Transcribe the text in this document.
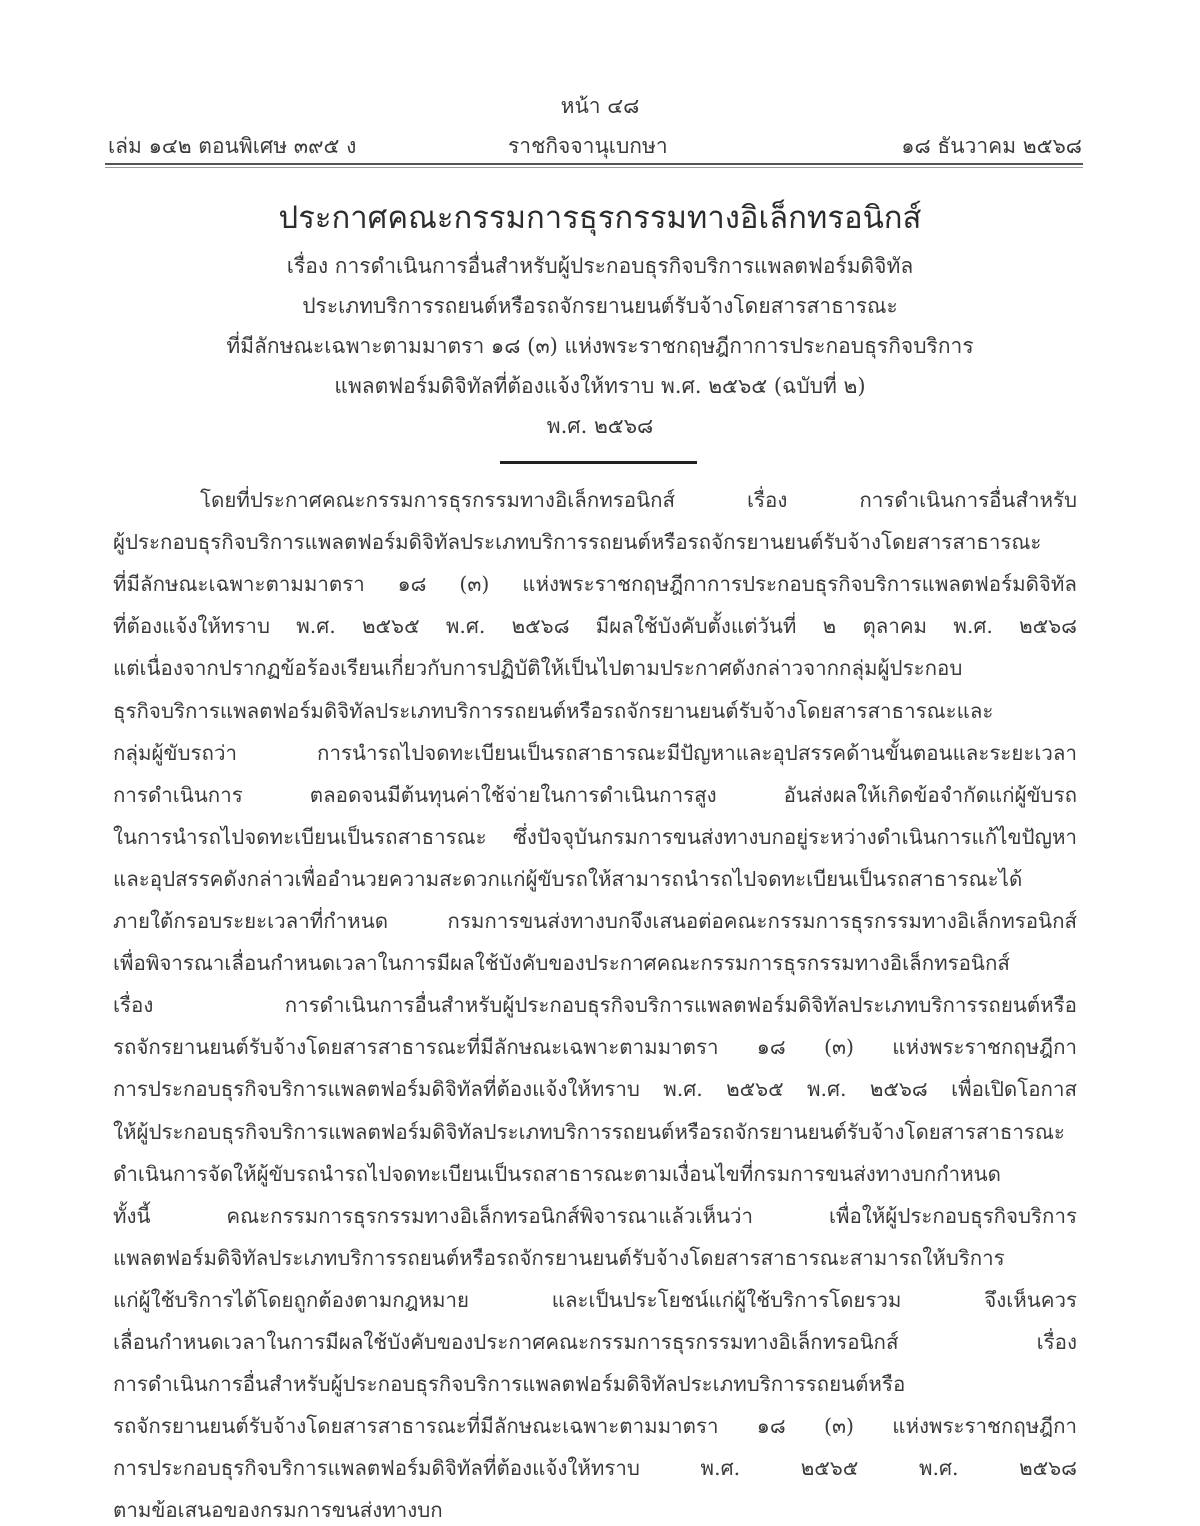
หน้า ๔๘
เล่ม ๑๔๒ ตอนพิเศษ ๓๙๕ ง	ราชกิจจานุเบกษา	๑๘ ธันวาคม ๒๕๖๘
ประกาศคณะกรรมการธุรกรรมทางอิเล็กทรอนิกส์
เรื่อง การดำเนินการอื่นสำหรับผู้ประกอบธุรกิจบริการแพลตฟอร์มดิจิทัล
ประเภทบริการรถยนต์หรือรถจักรยานยนต์รับจ้างโดยสารสาธารณะ
ที่มีลักษณะเฉพาะตามมาตรา ๑๘ (๓) แห่งพระราชกฤษฎีกาการประกอบธุรกิจบริการ
แพลตฟอร์มดิจิทัลที่ต้องแจ้งให้ทราบ พ.ศ. ๒๕๖๕ (ฉบับที่ ๒)
พ.ศ. ๒๕๖๘
โดยที่ประกาศคณะกรรมการธุรกรรมทางอิเล็กทรอนิกส์ เรื่อง การดำเนินการอื่นสำหรับ
ผู้ประกอบธุรกิจบริการแพลตฟอร์มดิจิทัลประเภทบริการรถยนต์หรือรถจักรยานยนต์รับจ้างโดยสารสาธารณะ
ที่มีลักษณะเฉพาะตามมาตรา ๑๘ (๓) แห่งพระราชกฤษฎีกาการประกอบธุรกิจบริการแพลตฟอร์มดิจิทัล
ที่ต้องแจ้งให้ทราบ พ.ศ. ๒๕๖๕ พ.ศ. ๒๕๖๘ มีผลใช้บังคับตั้งแต่วันที่ ๒ ตุลาคม พ.ศ. ๒๕๖๘
แต่เนื่องจากปรากฏข้อร้องเรียนเกี่ยวกับการปฏิบัติให้เป็นไปตามประกาศดังกล่าวจากกลุ่มผู้ประกอบ
ธุรกิจบริการแพลตฟอร์มดิจิทัลประเภทบริการรถยนต์หรือรถจักรยานยนต์รับจ้างโดยสารสาธารณะและ
กลุ่มผู้ขับรถว่า การนำรถไปจดทะเบียนเป็นรถสาธารณะมีปัญหาและอุปสรรคด้านขั้นตอนและระยะเวลา
การดำเนินการ ตลอดจนมีต้นทุนค่าใช้จ่ายในการดำเนินการสูง อันส่งผลให้เกิดข้อจำกัดแก่ผู้ขับรถ
ในการนำรถไปจดทะเบียนเป็นรถสาธารณะ ซึ่งปัจจุบันกรมการขนส่งทางบกอยู่ระหว่างดำเนินการแก้ไขปัญหา
และอุปสรรคดังกล่าวเพื่ออำนวยความสะดวกแก่ผู้ขับรถให้สามารถนำรถไปจดทะเบียนเป็นรถสาธารณะได้
ภายใต้กรอบระยะเวลาที่กำหนด กรมการขนส่งทางบกจึงเสนอต่อคณะกรรมการธุรกรรมทางอิเล็กทรอนิกส์
เพื่อพิจารณาเลื่อนกำหนดเวลาในการมีผลใช้บังคับของประกาศคณะกรรมการธุรกรรมทางอิเล็กทรอนิกส์
เรื่อง การดำเนินการอื่นสำหรับผู้ประกอบธุรกิจบริการแพลตฟอร์มดิจิทัลประเภทบริการรถยนต์หรือ
รถจักรยานยนต์รับจ้างโดยสารสาธารณะที่มีลักษณะเฉพาะตามมาตรา ๑๘ (๓) แห่งพระราชกฤษฎีกา
การประกอบธุรกิจบริการแพลตฟอร์มดิจิทัลที่ต้องแจ้งให้ทราบ พ.ศ. ๒๕๖๕ พ.ศ. ๒๕๖๘ เพื่อเปิดโอกาส
ให้ผู้ประกอบธุรกิจบริการแพลตฟอร์มดิจิทัลประเภทบริการรถยนต์หรือรถจักรยานยนต์รับจ้างโดยสารสาธารณะ
ดำเนินการจัดให้ผู้ขับรถนำรถไปจดทะเบียนเป็นรถสาธารณะตามเงื่อนไขที่กรมการขนส่งทางบกกำหนด
ทั้งนี้ คณะกรรมการธุรกรรมทางอิเล็กทรอนิกส์พิจารณาแล้วเห็นว่า เพื่อให้ผู้ประกอบธุรกิจบริการ
แพลตฟอร์มดิจิทัลประเภทบริการรถยนต์หรือรถจักรยานยนต์รับจ้างโดยสารสาธารณะสามารถให้บริการ
แก่ผู้ใช้บริการได้โดยถูกต้องตามกฎหมาย และเป็นประโยชน์แก่ผู้ใช้บริการโดยรวม จึงเห็นควร
เลื่อนกำหนดเวลาในการมีผลใช้บังคับของประกาศคณะกรรมการธุรกรรมทางอิเล็กทรอนิกส์ เรื่อง
การดำเนินการอื่นสำหรับผู้ประกอบธุรกิจบริการแพลตฟอร์มดิจิทัลประเภทบริการรถยนต์หรือ
รถจักรยานยนต์รับจ้างโดยสารสาธารณะที่มีลักษณะเฉพาะตามมาตรา ๑๘ (๓) แห่งพระราชกฤษฎีกา
การประกอบธุรกิจบริการแพลตฟอร์มดิจิทัลที่ต้องแจ้งให้ทราบ พ.ศ. ๒๕๖๕ พ.ศ. ๒๕๖๘
ตามข้อเสนอของกรมการขนส่งทางบก
